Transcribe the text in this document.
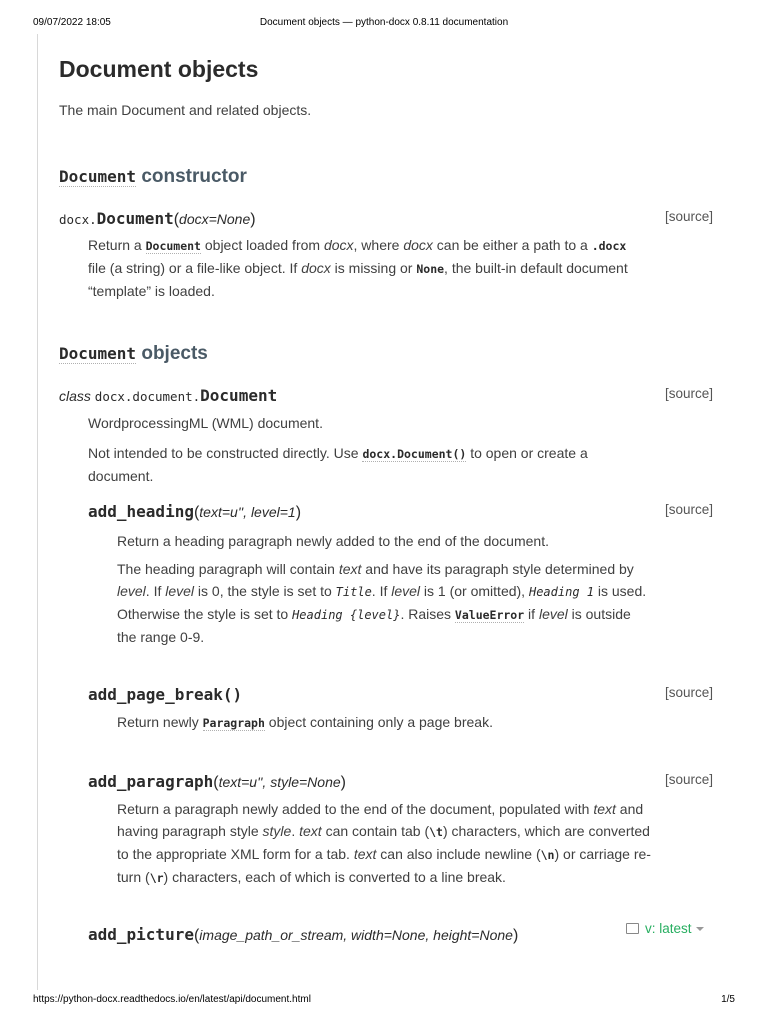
09/07/2022 18:05	Document objects — python-docx 0.8.11 documentation
Document objects

The main Document and related objects.

Document constructor
docx.Document(docx=None)	[source]

Return a Document object loaded from docx, where docx can be either a path to a .docx
file (a string) or a file-like object. If docx is missing or None, the built-in default document
“template” is loaded.

Document objects
class docx.document.Document	[source]

WordprocessingML (WML) document.

Not intended to be constructed directly. Use docx.Document() to open or create a
document.

add_heading(text=u'', level=1)	[source]

Return a heading paragraph newly added to the end of the document.

The heading paragraph will contain text and have its paragraph style determined by
level. If level is 0, the style is set to Title. If level is 1 (or omitted), Heading 1 is used.
Otherwise the style is set to Heading {level}. Raises ValueError if level is outside
the range 0-9.

add_page_break()	[source]

Return newly Paragraph object containing only a page break.

add_paragraph(text=u'', style=None)	[source]

Return a paragraph newly added to the end of the document, populated with text and
having paragraph style style. text can contain tab (\t) characters, which are converted
to the appropriate XML form for a tab. text can also include newline (\n) or carriage re-
turn (\r) characters, each of which is converted to a line break.

add_picture(image_path_or_stream, width=None, height=None)	v: latest
https://python-docx.readthedocs.io/en/latest/api/document.html	1/5
